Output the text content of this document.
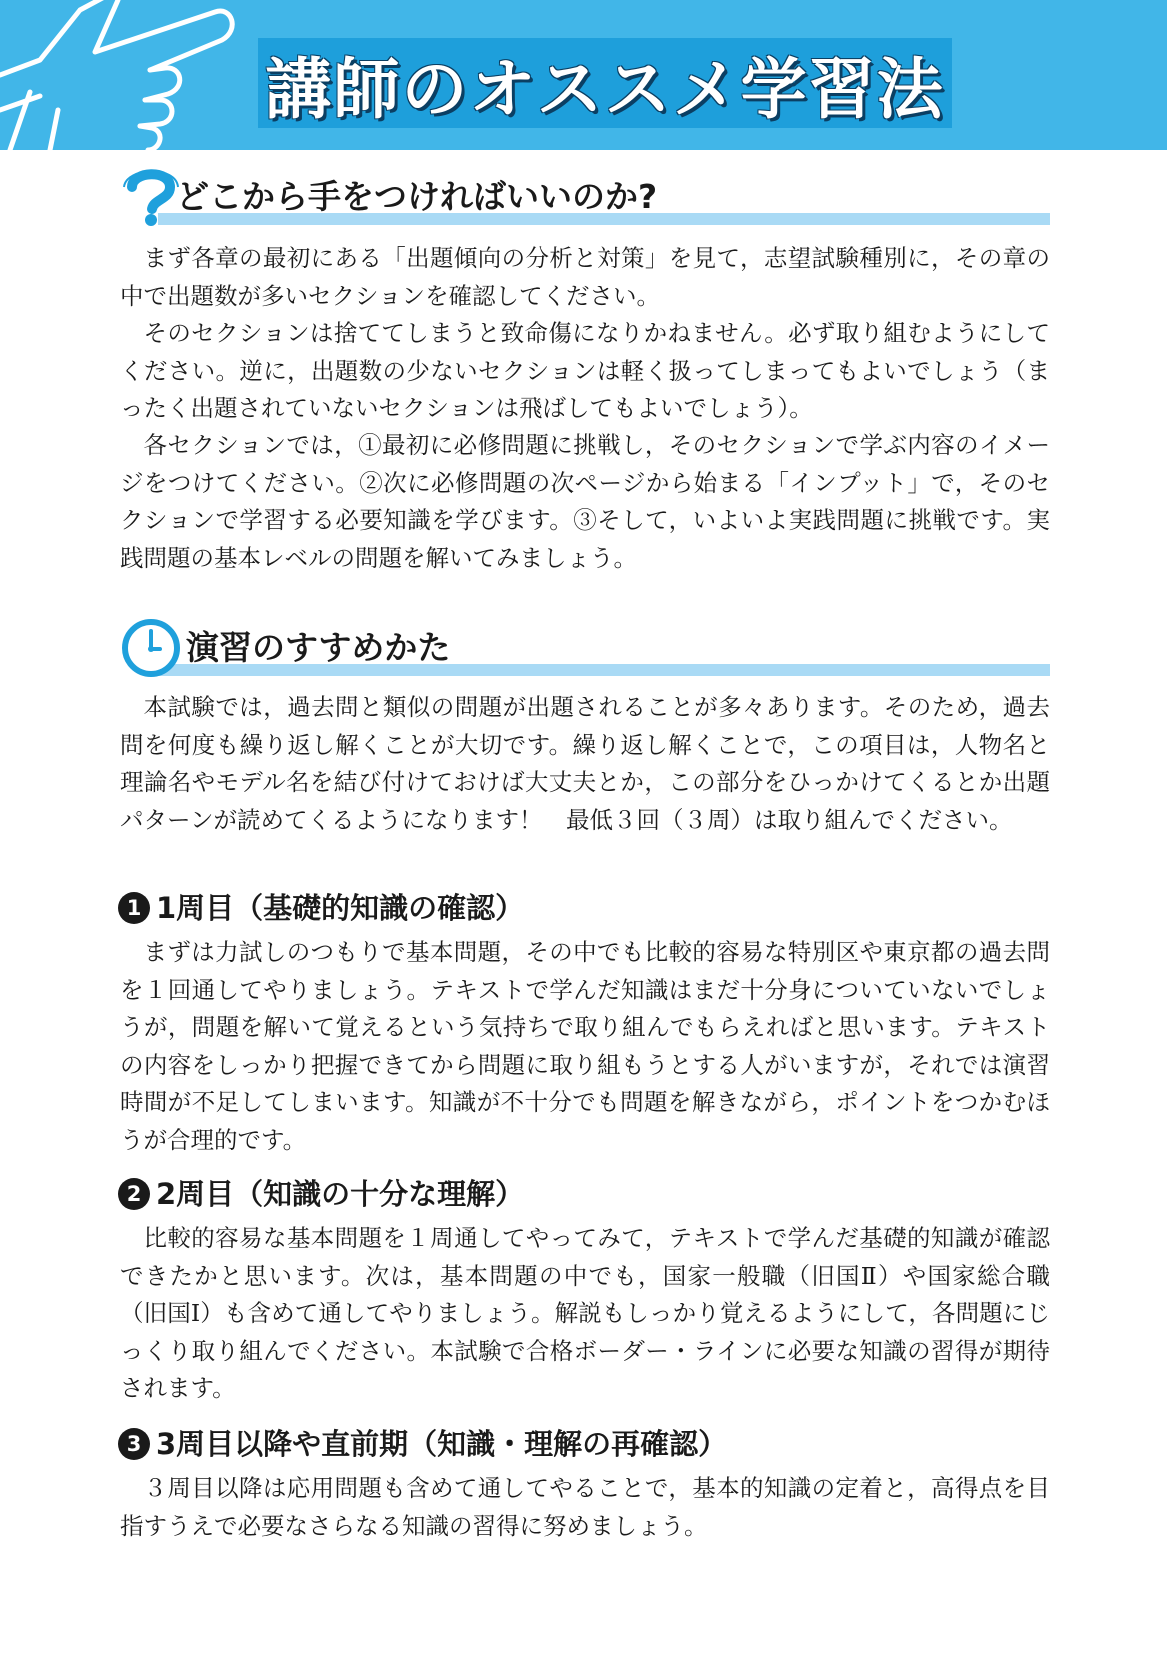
講師のオススメ学習法
どこから手をつければいいのか?

まず各章の最初にある「出題傾向の分析と対策」を見て，志望試験種別に，その章の中で出題数が多いセクションを確認してください。

そのセクションは捨ててしまうと致命傷になりかねません。必ず取り組むようにしてください。逆に，出題数の少ないセクションは軽く扱ってしまってもよいでしょう（まったく出題されていないセクションは飛ばしてもよいでしょう）。

各セクションでは，①最初に必修問題に挑戦し，そのセクションで学ぶ内容のイメージをつけてください。②次に必修問題の次ページから始まる「インプット」で，そのセクションで学習する必要知識を学びます。③そして，いよいよ実践問題に挑戦です。実践問題の基本レベルの問題を解いてみましょう。

演習のすすめかた

本試験では，過去問と類似の問題が出題されることが多々あります。そのため，過去問を何度も繰り返し解くことが大切です。繰り返し解くことで，この項目は，人物名と理論名やモデル名を結び付けておけば大丈夫とか，この部分をひっかけてくるとか出題パターンが読めてくるようになります！　最低３回（３周）は取り組んでください。

1 1周目（基礎的知識の確認）

まずは力試しのつもりで基本問題，その中でも比較的容易な特別区や東京都の過去問を１回通してやりましょう。テキストで学んだ知識はまだ十分身についていないでしょうが，問題を解いて覚えるという気持ちで取り組んでもらえればと思います。テキストの内容をしっかり把握できてから問題に取り組もうとする人がいますが，それでは演習時間が不足してしまいます。知識が不十分でも問題を解きながら，ポイントをつかむほうが合理的です。

2 2周目（知識の十分な理解）

比較的容易な基本問題を１周通してやってみて，テキストで学んだ基礎的知識が確認できたかと思います。次は，基本問題の中でも，国家一般職（旧国Ⅱ）や国家総合職（旧国Ⅰ）も含めて通してやりましょう。解説もしっかり覚えるようにして，各問題にじっくり取り組んでください。本試験で合格ボーダー・ラインに必要な知識の習得が期待されます。

3 3周目以降や直前期（知識・理解の再確認）

３周目以降は応用問題も含めて通してやることで，基本的知識の定着と，高得点を目指すうえで必要なさらなる知識の習得に努めましょう。
